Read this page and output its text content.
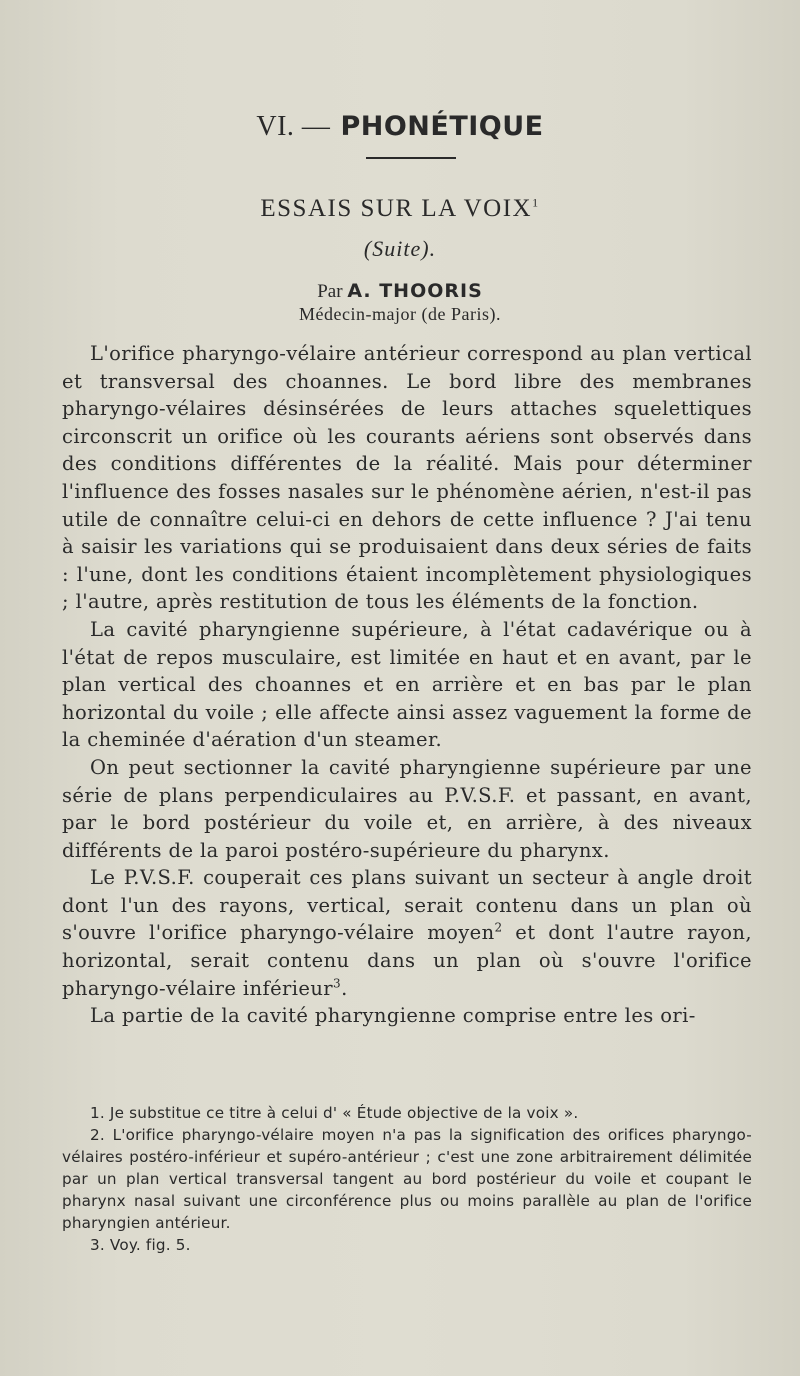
VI. — PHONÉTIQUE
ESSAIS SUR LA VOIX$^1$
(Suite).
Par A. THOORIS
Médecin-major (de Paris).

L'orifice pharyngo-vélaire antérieur correspond au plan vertical et transversal des choannes. Le bord libre des membranes pharyngo-vélaires désinsérées de leurs attaches squelettiques circonscrit un orifice où les courants aériens sont observés dans des conditions différentes de la réalité. Mais pour déterminer l'influence des fosses nasales sur le phénomène aérien, n'est-il pas utile de connaître celui-ci en dehors de cette influence ? J'ai tenu à saisir les variations qui se produisaient dans deux séries de faits : l'une, dont les conditions étaient incomplètement physiologiques ; l'autre, après restitution de tous les éléments de la fonction.

La cavité pharyngienne supérieure, à l'état cadavérique ou à l'état de repos musculaire, est limitée en haut et en avant, par le plan vertical des choannes et en arrière et en bas par le plan horizontal du voile ; elle affecte ainsi assez vaguement la forme de la cheminée d'aération d'un steamer.

On peut sectionner la cavité pharyngienne supérieure par une série de plans perpendiculaires au P.V.S.F. et passant, en avant, par le bord postérieur du voile et, en arrière, à des niveaux différents de la paroi postéro-supérieure du pharynx.

Le P.V.S.F. couperait ces plans suivant un secteur à angle droit dont l'un des rayons, vertical, serait contenu dans un plan où s'ouvre l'orifice pharyngo-vélaire moyen$^2$ et dont l'autre rayon, horizontal, serait contenu dans un plan où s'ouvre l'orifice pharyngo-vélaire inférieur$^3$.

La partie de la cavité pharyngienne comprise entre les ori-

1. Je substitue ce titre à celui d' « Étude objective de la voix ».

2. L'orifice pharyngo-vélaire moyen n'a pas la signification des orifices pharyngo-vélaires postéro-inférieur et supéro-antérieur ; c'est une zone arbitrairement délimitée par un plan vertical transversal tangent au bord postérieur du voile et coupant le pharynx nasal suivant une circonférence plus ou moins parallèle au plan de l'orifice pharyngien antérieur.

3. Voy. fig. 5.
